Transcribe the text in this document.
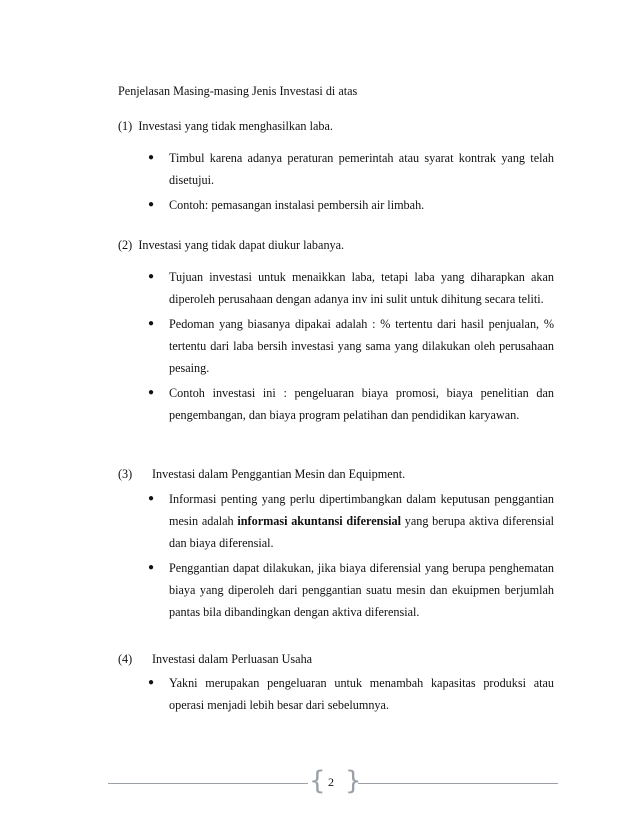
Penjelasan Masing-masing Jenis Investasi di atas
(1) Investasi yang tidak menghasilkan laba.
● Timbul karena adanya peraturan pemerintah atau syarat kontrak yang telah disetujui.
● Contoh: pemasangan instalasi pembersih air limbah.
(2) Investasi yang tidak dapat diukur labanya.
● Tujuan investasi untuk menaikkan laba, tetapi laba yang diharapkan akan diperoleh perusahaan dengan adanya inv ini sulit untuk dihitung secara teliti.
● Pedoman yang biasanya dipakai adalah : % tertentu dari hasil penjualan, % tertentu dari laba bersih investasi yang sama yang dilakukan oleh perusahaan pesaing.
● Contoh investasi ini : pengeluaran biaya promosi, biaya penelitian dan pengembangan, dan biaya program pelatihan dan pendidikan karyawan.
(3) Investasi dalam Penggantian Mesin dan Equipment.
● Informasi penting yang perlu dipertimbangkan dalam keputusan penggantian mesin adalah informasi akuntansi diferensial yang berupa aktiva diferensial dan biaya diferensial.
● Penggantian dapat dilakukan, jika biaya diferensial yang berupa penghematan biaya yang diperoleh dari penggantian suatu mesin dan ekuipmen berjumlah pantas bila dibandingkan dengan aktiva diferensial.
(4) Investasi dalam Perluasan Usaha
● Yakni merupakan pengeluaran untuk menambah kapasitas produksi atau operasi menjadi lebih besar dari sebelumnya.
{ 2 }
